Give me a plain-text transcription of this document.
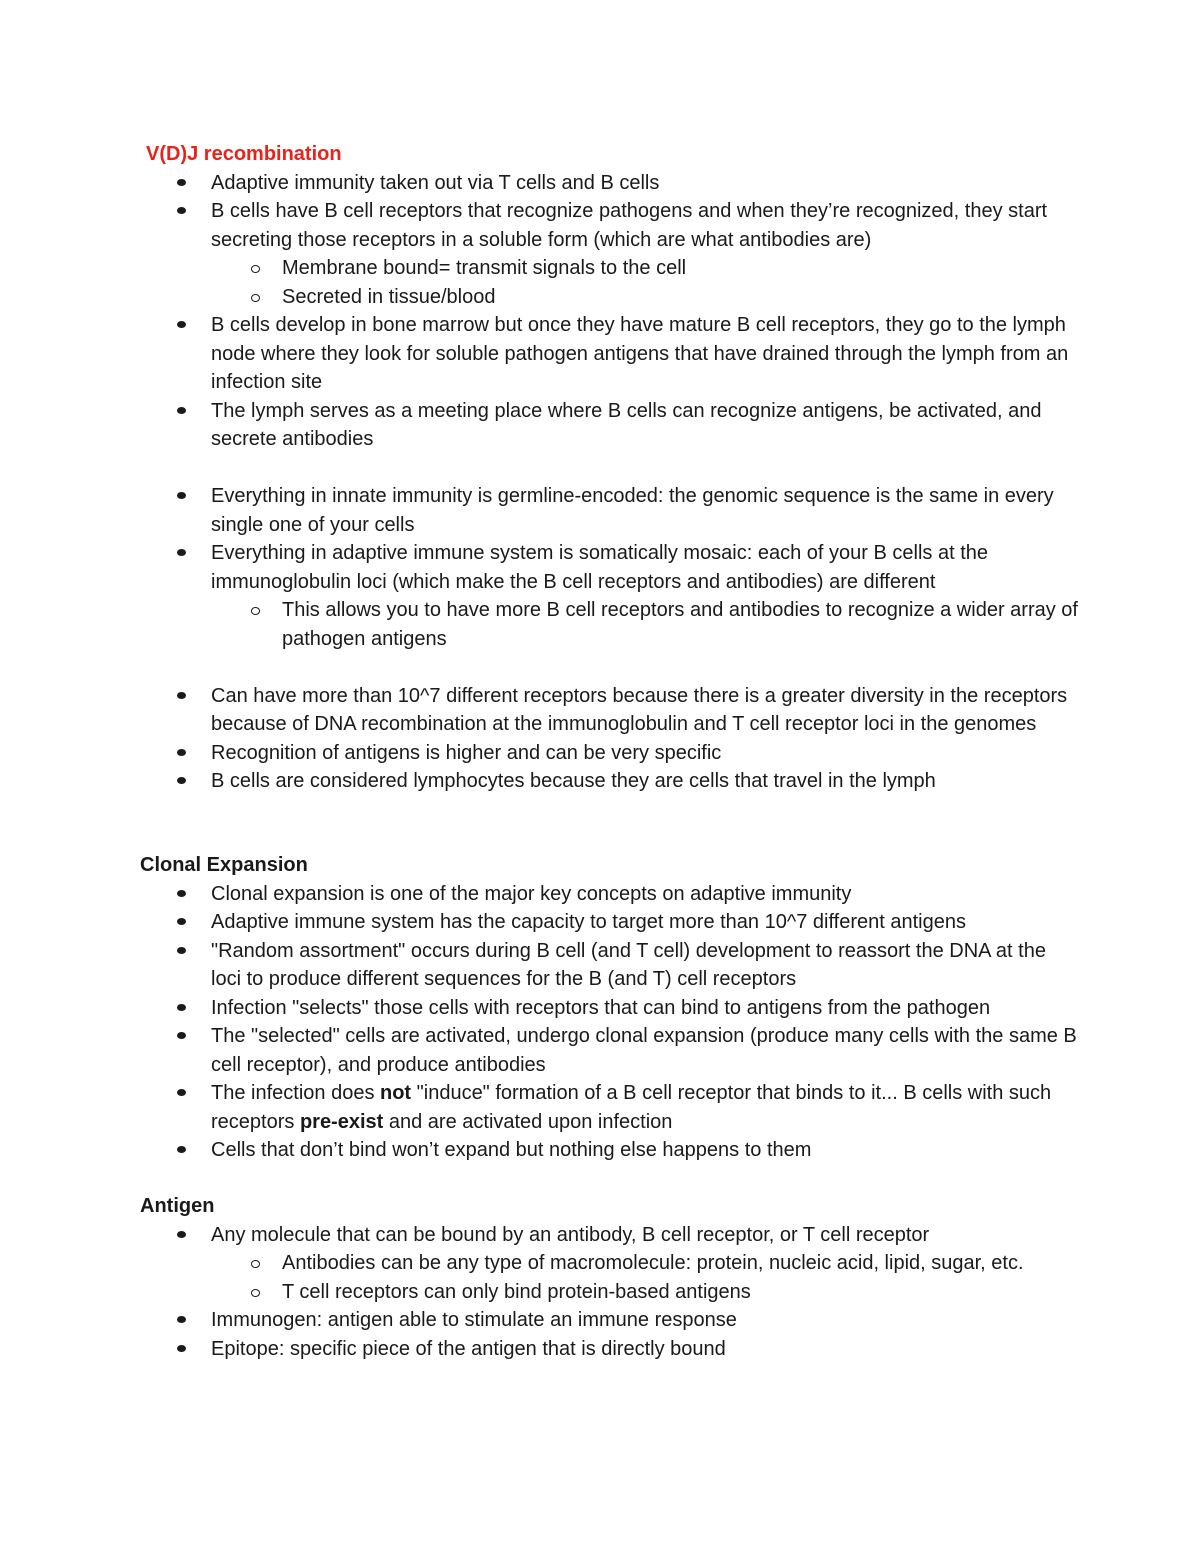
V(D)J recombination
Adaptive immunity taken out via T cells and B cells
B cells have B cell receptors that recognize pathogens and when they’re recognized, they start secreting those receptors in a soluble form (which are what antibodies are)
Membrane bound= transmit signals to the cell
Secreted in tissue/blood
B cells develop in bone marrow but once they have mature B cell receptors, they go to the lymph node where they look for soluble pathogen antigens that have drained through the lymph from an infection site
The lymph serves as a meeting place where B cells can recognize antigens, be activated, and secrete antibodies
Everything in innate immunity is germline-encoded: the genomic sequence is the same in every single one of your cells
Everything in adaptive immune system is somatically mosaic: each of your B cells at the immunoglobulin loci (which make the B cell receptors and antibodies) are different
This allows you to have more B cell receptors and antibodies to recognize a wider array of pathogen antigens
Can have more than 10^7 different receptors because there is a greater diversity in the receptors because of DNA recombination at the immunoglobulin and T cell receptor loci in the genomes
Recognition of antigens is higher and can be very specific
B cells are considered lymphocytes because they are cells that travel in the lymph
Clonal Expansion
Clonal expansion is one of the major key concepts on adaptive immunity
Adaptive immune system has the capacity to target more than 10^7 different antigens
"Random assortment" occurs during B cell (and T cell) development to reassort the DNA at the loci to produce different sequences for the B (and T) cell receptors
Infection "selects" those cells with receptors that can bind to antigens from the pathogen
The "selected" cells are activated, undergo clonal expansion (produce many cells with the same B cell receptor), and produce antibodies
The infection does not "induce" formation of a B cell receptor that binds to it... B cells with such receptors pre-exist and are activated upon infection
Cells that don’t bind won’t expand but nothing else happens to them
Antigen
Any molecule that can be bound by an antibody, B cell receptor, or T cell receptor
Antibodies can be any type of macromolecule: protein, nucleic acid, lipid, sugar, etc.
T cell receptors can only bind protein-based antigens
Immunogen: antigen able to stimulate an immune response
Epitope: specific piece of the antigen that is directly bound
